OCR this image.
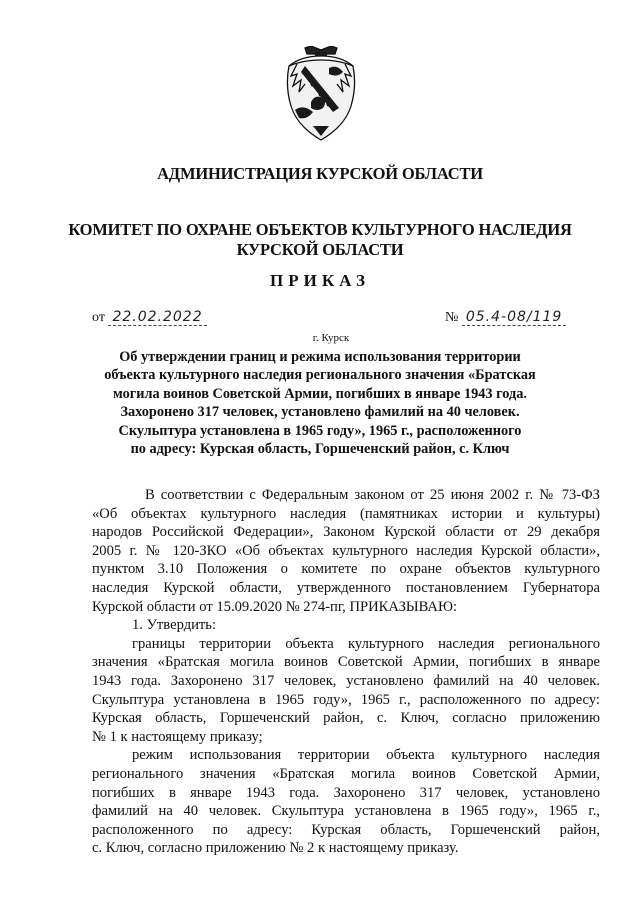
АДМИНИСТРАЦИЯ КУРСКОЙ ОБЛАСТИ
КОМИТЕТ ПО ОХРАНЕ ОБЪЕКТОВ КУЛЬТУРНОГО НАСЛЕДИЯ
КУРСКОЙ ОБЛАСТИ
ПРИКАЗ
от 22.02.2022	№ 05.4-08/119
г. Курск
Об утверждении границ и режима использования территории
объекта культурного наследия регионального значения «Братская
могила воинов Советской Армии, погибших в январе 1943 года.
Захоронено 317 человек, установлено фамилий на 40 человек.
Скульптура установлена в 1965 году», 1965 г., расположенного
по адресу: Курская область, Горшеченский район, с. Ключ
В соответствии с Федеральным законом от 25 июня 2002 г. № 73-ФЗ
«Об объектах культурного наследия (памятниках истории и культуры)
народов Российской Федерации», Законом Курской области от 29 декабря
2005 г. № 120-ЗКО «Об объектах культурного наследия Курской области»,
пунктом 3.10 Положения о комитете по охране объектов культурного
наследия Курской области, утвержденного постановлением Губернатора
Курской области от 15.09.2020 № 274-пг, ПРИКАЗЫВАЮ:
1. Утвердить:
границы территории объекта культурного наследия регионального
значения «Братская могила воинов Советской Армии, погибших в январе
1943 года. Захоронено 317 человек, установлено фамилий на 40 человек.
Скульптура установлена в 1965 году», 1965 г., расположенного по адресу:
Курская область, Горшеченский район, с. Ключ, согласно приложению
№ 1 к настоящему приказу;
режим использования территории объекта культурного наследия
регионального значения «Братская могила воинов Советской Армии,
погибших в январе 1943 года. Захоронено 317 человек, установлено
фамилий на 40 человек. Скульптура установлена в 1965 году», 1965 г.,
расположенного по адресу: Курская область, Горшеченский район,
с. Ключ, согласно приложению № 2 к настоящему приказу.
